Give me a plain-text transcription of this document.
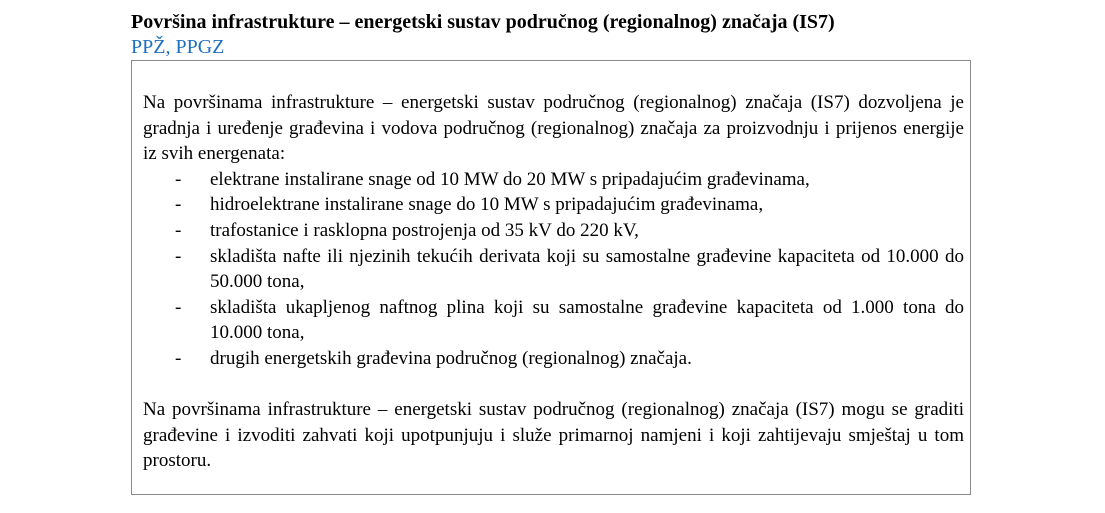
Površina infrastrukture – energetski sustav područnog (regionalnog) značaja (IS7)
PPŽ, PPGZ

Na površinama infrastrukture – energetski sustav područnog (regionalnog) značaja (IS7) dozvoljena je gradnja i uređenje građevina i vodova područnog (regionalnog) značaja za proizvodnju i prijenos energije iz svih energenata:

- elektrane instalirane snage od 10 MW do 20 MW s pripadajućim građevinama,
- hidroelektrane instalirane snage do 10 MW s pripadajućim građevinama,
- trafostanice i rasklopna postrojenja od 35 kV do 220 kV,
- skladišta nafte ili njezinih tekućih derivata koji su samostalne građevine kapaciteta od 10.000 do 50.000 tona,
- skladišta ukapljenog naftnog plina koji su samostalne građevine kapaciteta od 1.000 tona do 10.000 tona,
- drugih energetskih građevina područnog (regionalnog) značaja.

Na površinama infrastrukture – energetski sustav područnog (regionalnog) značaja (IS7) mogu se graditi građevine i izvoditi zahvati koji upotpunjuju i služe primarnoj namjeni i koji zahtijevaju smještaj u tom prostoru.
